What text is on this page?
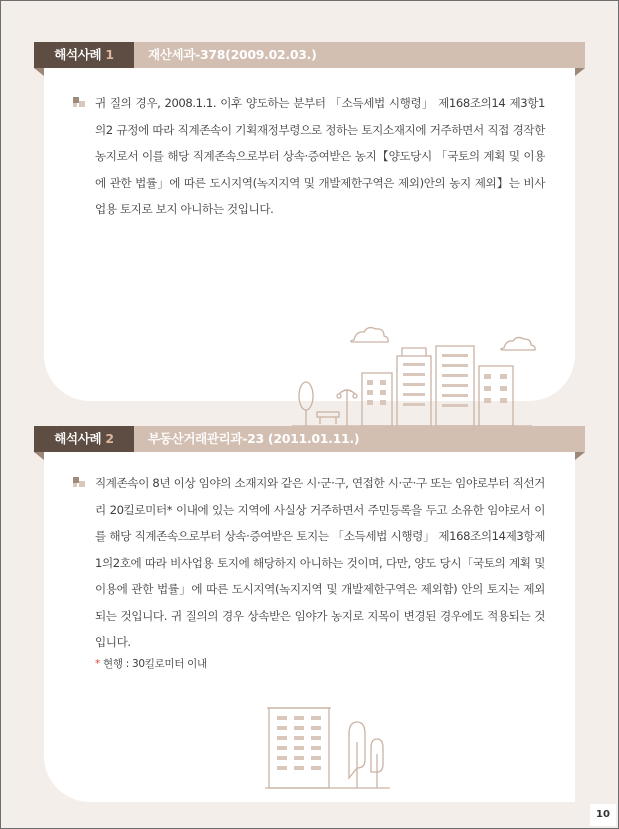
해석사례 1	재산세과-378(2009.02.03.)
귀 질의 경우, 2008.1.1. 이후 양도하는 분부터 「소득세법 시행령」 제168조의14 제3항1의2 규정에 따라 직계존속이 기획재정부령으로 정하는 토지소재지에 거주하면서 직접 경작한 농지로서 이를 해당 직계존속으로부터 상속·증여받은 농지【양도당시 「국토의 계획 및 이용에 관한 법률」에 따른 도시지역(녹지지역 및 개발제한구역은 제외)안의 농지 제외】는 비사업용 토지로 보지 아니하는 것입니다.
해석사례 2	부동산거래관리과-23 (2011.01.11.)
직계존속이 8년 이상 임야의 소재지와 같은 시·군·구, 연접한 시·군·구 또는 임야로부터 직선거리 20킬로미터* 이내에 있는 지역에 사실상 거주하면서 주민등록을 두고 소유한 임야로서 이를 해당 직계존속으로부터 상속·증여받은 토지는 「소득세법 시행령」 제168조의14제3항제1의2호에 따라 비사업용 토지에 해당하지 아니하는 것이며, 다만, 양도 당시「국토의 계획 및 이용에 관한 법률」에 따른 도시지역(녹지지역 및 개발제한구역은 제외함) 안의 토지는 제외되는 것입니다. 귀 질의의 경우 상속받은 임야가 농지로 지목이 변경된 경우에도 적용되는 것입니다.
* 현행 : 30킬로미터 이내
10
